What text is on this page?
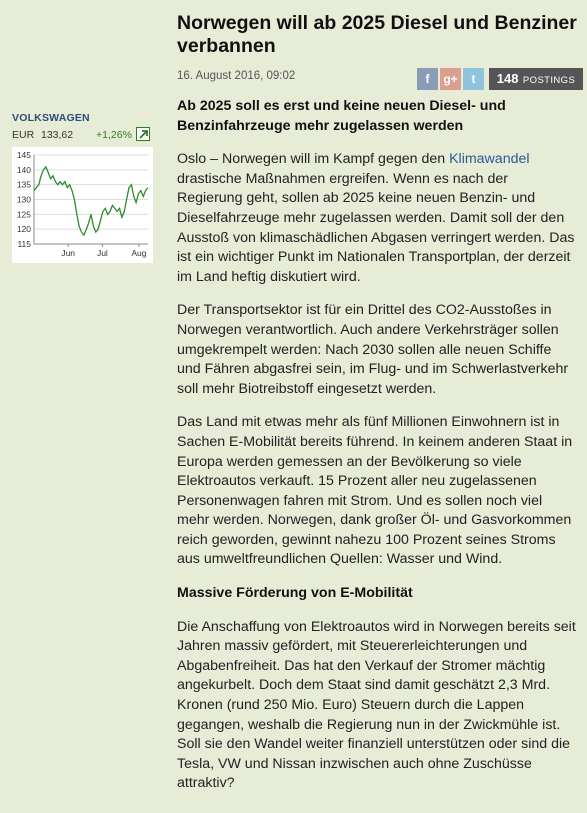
VOLKSWAGEN
EUR 133,62 +1,26%
115
120
125
130
135
140
145
Jun	Jul	Aug
Norwegen will ab 2025 Diesel und Benziner verbannen
16. August 2016, 09:02	f	g+	t	148 POSTINGS

Ab 2025 soll es erst und keine neuen Diesel- und Benzinfahrzeuge mehr zugelassen werden

Oslo – Norwegen will im Kampf gegen den Klimawandel drastische Maßnahmen ergreifen. Wenn es nach der Regierung geht, sollen ab 2025 keine neuen Benzin- und Dieselfahrzeuge mehr zugelassen werden. Damit soll der den Ausstoß von klimaschädlichen Abgasen verringert werden. Das ist ein wichtiger Punkt im Nationalen Transportplan, der derzeit im Land heftig diskutiert wird.

Der Transportsektor ist für ein Drittel des CO2-Ausstoßes in Norwegen verantwortlich. Auch andere Verkehrsträger sollen umgekrempelt werden: Nach 2030 sollen alle neuen Schiffe und Fähren abgasfrei sein, im Flug- und im Schwerlastverkehr soll mehr Biotreibstoff eingesetzt werden.

Das Land mit etwas mehr als fünf Millionen Einwohnern ist in Sachen E-Mobilität bereits führend. In keinem anderen Staat in Europa werden gemessen an der Bevölkerung so viele Elektroautos verkauft. 15 Prozent aller neu zugelassenen Personenwagen fahren mit Strom. Und es sollen noch viel mehr werden. Norwegen, dank großer Öl- und Gasvorkommen reich geworden, gewinnt nahezu 100 Prozent seines Stroms aus umweltfreundlichen Quellen: Wasser und Wind.

Massive Förderung von E-Mobilität

Die Anschaffung von Elektroautos wird in Norwegen bereits seit Jahren massiv gefördert, mit Steuererleichterungen und Abgabenfreiheit. Das hat den Verkauf der Stromer mächtig angekurbelt. Doch dem Staat sind damit geschätzt 2,3 Mrd. Kronen (rund 250 Mio. Euro) Steuern durch die Lappen gegangen, weshalb die Regierung nun in der Zwickmühle ist. Soll sie den Wandel weiter finanziell unterstützen oder sind die Tesla, VW und Nissan inzwischen auch ohne Zuschüsse attraktiv?
